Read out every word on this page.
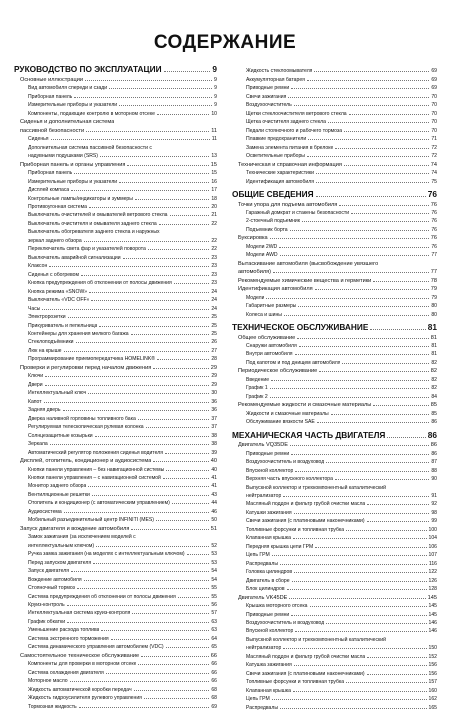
СОДЕРЖАНИЕ
РУКОВОДСТВО ПО ЭКСПЛУАТАЦИИ	9
Основные иллюстрации	9
Вид автомобиля спереди и сзади	9
Приборная панель	9
Измерительные приборы и указатели	9
Компоненты, подающие контролю в моторном отсеке	10
Сиденья и дополнительная система
пассивной безопасности	11
Сиденья	11
Дополнительная система пассивной безопасности с
надувными подушками (SRS)	13
Приборная панель и органы управления	15
Приборная панель	15
Измерительные приборы и указатели	16
Дисплей компаса	17
Контрольные лампы/индикаторы и зуммеры	18
Противоугонная система	20
Выключатель очистителей и омывателей ветрового стекла	21
Выключатель очистителя и омывателя заднего стекла	22
Выключатель обогревателя заднего стекла и наружных
зеркал заднего обзора	22
Переключатель света фар и указателей поворота	22
Выключатель аварийной сигнализации	23
Клаксон	23
Сиденья с обогревом	23
Кнопка предупреждения об отклонении от полосы движения	23
Кнопка режима «SNOW»	24
Выключатель «VDC OFF»	24
Часы	24
Электророзетки	25
Прикуриватель и пепельница	25
Контейнеры для хранения мелкого багажа	25
Стеклоподъёмники	26
Люк на крыше	27
Программирование приемопередатчика HOMELINK®	28
Проверки и регулировки перед началом движения	29
Ключи	29
Двери	29
Интеллектуальный ключ	30
Капот	36
Задняя дверь	36
Дверка наливной горловины топливного бака	37
Регулируемая телескопическая рулевая колонка	37
Солнцезащитные козырьки	38
Зеркала	38
Автоматический регулятор положения сиденья водителя	39
Дисплей, отопитель, кондиционер и аудиосистема	40
Кнопки панели управления – без навигационной системы	40
Кнопки панели управления – с навигационной системой	41
Монитор заднего обзора	41
Вентиляционные решетки	43
Отопитель и кондиционер (с автоматическим управлением)	44
Аудиосистема	46
Мобильный разъединительный центр INFINITI (MES)	50
Запуск двигателя и вождение автомобиля	51
Замок зажигания (за исключением моделей с
интеллектуальным ключом)	52
Ручка замка зажигания (на моделях с интеллектуальным ключом)	53
Перед запуском двигателя	53
Запуск двигателя	54
Вождение автомобиля	54
Стояночный тормоз	55
Система предупреждения об отклонении от полосы движения	55
Круиз-контроль	56
Интеллектуальная система круиз-контроля	57
График обкатки	63
Уменьшение расхода топлива	63
Система экстренного торможения	64
Система динамического управления автомобилем (VDC)	65
Самостоятельное техническое обслуживание	66
Компоненты для проверки в моторном отсеке	66
Система охлаждения двигателя	66
Моторное масло	66
Жидкость автоматической коробки передач	68
Жидкость гидроусилителя рулевого управления	68
Тормозная жидкость	69
Жидкость стеклоомывателя	69
Аккумуляторная батарея	69
Приводные ремни	69
Свечи зажигания	70
Воздухоочиститель	70
Щетки стеклоочистителя ветрового стекла	70
Щетка очистителя заднего стекла	70
Педали стояночного и рабочего тормоза	70
Плавкие предохранители	71
Замена элемента питания в брелоке	72
Осветительные приборы	72
Техническая и справочная информация	74
Технические характеристики	74
Идентификация автомобиля	75
ОБЩИЕ СВЕДЕНИЯ	76
Точки упора для подъема автомобиля	76
Гаражный домкрат и стакены безопасности	76
2-стоечный подъемник	76
Подъемник борта	76
Буксировка	76
Модели 2WD	76
Модели AWD	77
Вытаскивание автомобиля (высвобождение увязшего
автомобиля)	77
Рекомендуемые химические вещества и герметики	78
Идентификация автомобиля	79
Модели	79
Габаритные размеры	80
Колеса и шины	80
ТЕХНИЧЕСКОЕ ОБСЛУЖИВАНИЕ	81
Общее обслуживание	81
Снаружи автомобиля	81
Внутри автомобиля	81
Под капотом и под днищем автомобиля	82
Периодическое обслуживание	82
Введение	82
График 1	82
График 2	84
Рекомендуемые жидкости и смазочные материалы	85
Жидкости и смазочные материалы	85
Обслуживание вязкости SAE	86
МЕХАНИЧЕСКАЯ ЧАСТЬ ДВИГАТЕЛЯ	86
Двигатель VQ35DE	86
Приводные ремни	86
Воздухоочиститель и воздуховод	87
Впускной коллектор	88
Верхняя часть впускного коллектора	90
Выпускной коллектор и трехкомпонентный каталитический
нейтрализатор	91
Масляный поддон и фильтр грубой очистки масла	92
Катушки зажигания	98
Свечи зажигания (с платиновыми наконечниками)	99
Топливные форсунки и топливная трубка	100
Клапанная крышка	104
Передняя крышка цепи ГРМ	106
Цепь ГРМ	107
Распредвалы	116
Головка цилиндров	122
Двигатель в сборе	126
Блок цилиндров	128
Двигатель VK45DE	145
Крышка моторного отсека	145
Приводные ремни	145
Воздухоочиститель и воздуховод	146
Впускной коллектор	146
Выпускной коллектор и трехкомпонентный каталитический
нейтрализатор	150
Масляный поддон и фильтр грубой очистки масла	152
Катушка зажигания	156
Свечи зажигания (с платиновыми наконечниками)	156
Топливные форсунки и топливная трубка	157
Клапанная крышка	160
Цепь ГРМ	162
Распредвалы	165
